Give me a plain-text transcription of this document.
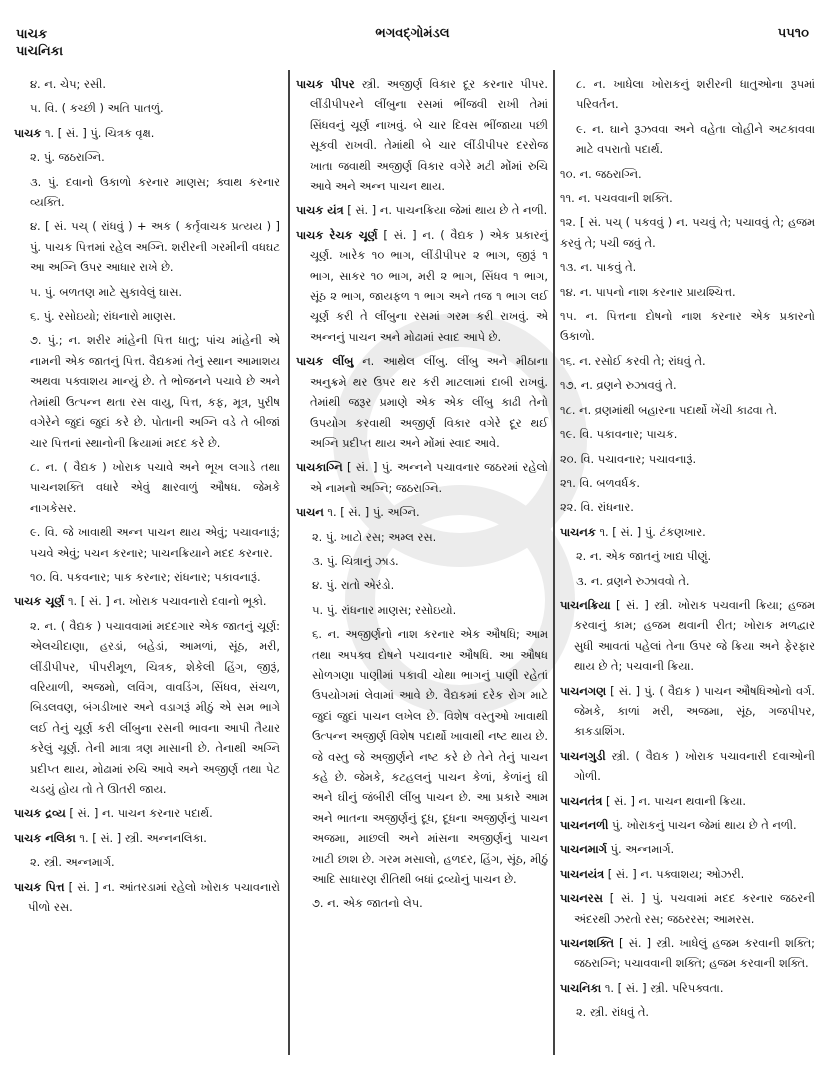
પાચક
પાચનિકા
ભગવદ્ગોમંડલ	૫૫૧૦

૪. ન. ચેપ; રસી.

૫. વિ. ( કચ્છી ) અતિ પાતળું.

પાચક ૧. [ સં. ] પું. ચિત્રક વૃક્ષ.

૨. પું. જઠરાગ્નિ.

૩. પું. દવાનો ઉકાળો કરનાર માણસ; ક્વાથ કરનાર વ્યક્તિ.

૪. [ સં. પચ્ ( રાંધવું ) + અક ( કર્તૃવાચક પ્રત્યય ) ] પું. પાચક પિત્તમાં રહેલ અગ્નિ. શરીરની ગરમીની વધઘટ આ અગ્નિ ઉપર આધાર રાખે છે.

૫. પું. બળતણ માટે સુકાવેલું ઘાસ.

૬. પું. રસોઇયો; રાંધનારો માણસ.

૭. પું.; ન. શરીર માંહેની પિત્ત ધાતુ; પાંચ માંહેની એ નામની એક જાતનું પિત્ત. વૈદ્યકમાં તેનું સ્થાન આમાશય અથવા પક્વાશય માન્યું છે. તે ભોજનને પચાવે છે અને તેમાંથી ઉત્પન્ન થતા રસ વાયુ, પિત્ત, કફ, મૂત્ર, પુરીષ વગેરેને જુદાં જુદાં કરે છે. પોતાની અગ્નિ વડે તે બીજાં ચાર પિત્તનાં સ્થાનોની ક્રિયામાં મદદ કરે છે.

૮. ન. ( વૈદ્યક ) ખોરાક પચાવે અને ભૂખ લગાડે તથા પાચનશક્તિ વધારે એવું ક્ષારવાળું ઔષધ. જેમકે નાગકેસર.

૯. વિ. જે ખાવાથી અન્ન પાચન થાય એવું; પચાવનારૂં; પચવે એવું; પચન કરનાર; પાચનક્રિયાને મદદ કરનાર.

૧૦. વિ. પકવનાર; પાક કરનાર; રાંધનાર; પકાવનારૂં.

પાચક ચૂર્ણ ૧. [ સં. ] ન. ખોરાક પચાવનારો દવાનો ભૂકો.

૨. ન. ( વૈદ્યક ) પચાવવામાં મદદગાર એક જાતનું ચૂર્ણ: એલચીદાણા, હરડાં, બહેડાં, આમળાં, સૂંઠ, મરી, લીંડીપીપર, પીપરીમૂળ, ચિત્રક, શેકેલી હિંગ, જીરૂં, વરિયાળી, અજમો, લવિંગ, વાવડિંગ, સિંધવ, સંચળ, બિડલવણ, બંગડીખાર અને વડાગરૂં મીઠું એ સમ ભાગે લઈ તેનું ચૂર્ણ કરી લીંબુના રસની ભાવના આપી તૈયાર કરેલું ચૂર્ણ. તેની માત્રા ત્રણ માસાની છે. તેનાથી અગ્નિ પ્રદીપ્ત થાય, મોઢામાં રુચિ આવે અને અજીર્ણ તથા પેટ ચડયું હોય તો તે ઊતરી જાય.

પાચક દ્રવ્ય [ સં. ] ન. પાચન કરનાર પદાર્થ.

પાચક નલિકા ૧. [ સં. ] સ્ત્રી. અન્નનલિકા.

૨. સ્ત્રી. અન્નમાર્ગ.

પાચક પિત્ત [ સં. ] ન. આંતરડામાં રહેલો ખોરાક પચાવનારો પીળો રસ.

પાચક પીપર સ્ત્રી. અજીર્ણ વિકાર દૂર કરનાર પીપર. લીંડીપીપરને લીંબુના રસમાં ભીંજવી રાખી તેમાં સિંધવનું ચૂર્ણ નાખવું. બે ચાર દિવસ ભીંજાયા પછી સૂકવી રાખવી. તેમાંથી બે ચાર લીંડીપીપર દરરોજ ખાતા જવાથી અજીર્ણ વિકાર વગેરે મટી મોંમાં રુચિ આવે અને અન્ન પાચન થાય.

પાચક યંત્ર [ સં. ] ન. પાચનક્રિયા જેમાં થાય છે તે નળી.

પાચક રેચક ચૂર્ણ [ સં. ] ન. ( વૈદ્યક ) એક પ્રકારનું ચૂર્ણ. ખારેક ૧૦ ભાગ, લીંડીપીપર ૨ ભાગ, જીરૂં ૧ ભાગ, સાકર ૧૦ ભાગ, મરી ૨ ભાગ, સિંધવ ૧ ભાગ, સૂંઠ ૨ ભાગ, જાયફળ ૧ ભાગ અને તજ ૧ ભાગ લઈ ચૂર્ણ કરી તે લીંબુના રસમાં ગરમ કરી રાખવું. એ અન્નનું પાચન અને મોઢામાં સ્વાદ આપે છે.

પાચક લીંબુ ન. આથેલ લીંબુ. લીંબુ અને મીઠાના અનુક્રમે થર ઉપર થર કરી માટલામાં દાબી રાખવું. તેમાંથી જરૂર પ્રમાણે એક એક લીંબુ કાઢી તેનો ઉપયોગ કરવાથી અજીર્ણ વિકાર વગેરે દૂર થઈ અગ્નિ પ્રદીપ્ત થાય અને મોંમાં સ્વાદ આવે.

પાચકાગ્નિ [ સં. ] પું. અન્નને પચાવનાર જઠરમાં રહેલો એ નામનો અગ્નિ; જઠરાગ્નિ.

પાચન ૧. [ સં. ] પું. અગ્નિ.

૨. પું. ખાટો રસ; અમ્લ રસ.

૩. પું. ચિત્રાનું ઝાડ.

૪. પું. રાતો એરંડો.

૫. પું. રાંધનાર માણસ; રસોઇયો.

૬. ન. અજીર્ણનો નાશ કરનાર એક ઔષધિ; આમ તથા અપક્વ દોષને પચાવનાર ઔષધિ. આ ઔષધ સોળગણા પાણીમાં પકાવી ચોથા ભાગનું પાણી રહેતાં ઉપયોગમાં લેવામાં આવે છે. વૈદ્યકમાં દરેક રોગ માટે જુદાં જુદાં પાચન લખેલ છે. વિશેષ વસ્તુઓ ખાવાથી ઉત્પન્ન અજીર્ણ વિશેષ પદાર્થો ખાવાથી નષ્ટ થાય છે. જે વસ્તુ જે અજીર્ણને નષ્ટ કરે છે તેને તેનું પાચન કહે છે. જેમકે, કટહલનું પાચન કેળાં, કેળાંનું ઘી અને ઘીનું જંબીરી લીંબુ પાચન છે. આ પ્રકારે આમ અને ભાતના અજીર્ણનું દૂધ, દૂધના અજીર્ણનું પાચન અજમા, માછલી અને માંસના અજીર્ણનું પાચન ખાટી છાશ છે. ગરમ મસાલો, હળદર, હિંગ, સૂંઠ, મીઠું આદિ સાધારણ રીતિથી બધાં દ્રવ્યોનું પાચન છે.

૭. ન. એક જાતનો લેપ.

૮. ન. ખાધેલા ખોરાકનું શરીરની ધાતુઓના રૂપમાં પરિવર્તન.

૯. ન. ઘાને રૂઝવવા અને વહેતા લોહીને અટકાવવા માટે વપરાતો પદાર્થ.

૧૦. ન. જઠરાગ્નિ.

૧૧. ન. પચવવાની શક્તિ.

૧૨. [ સં. પચ્ ( પકવવું ) ન. પચવું તે; પચાવવું તે; હજમ કરવું તે; પચી જવું તે.

૧૩. ન. પાકવું તે.

૧૪. ન. પાપનો નાશ કરનાર પ્રાયશ્ચિત્ત.

૧૫. ન. પિત્તના દોષનો નાશ કરનાર એક પ્રકારનો ઉકાળો.

૧૬. ન. રસોઈ કરવી તે; રાંધવું તે.

૧૭. ન. વ્રણને રુઝાવવું તે.

૧૮. ન. વ્રણમાંથી બહારના પદાર્થો ખેંચી કાઢવા તે.

૧૯. વિ. પકાવનાર; પાચક.

૨૦. વિ. પચાવનાર; પચાવનારૂં.

૨૧. વિ. બળવર્ધક.

૨૨. વિ. રાંધનાર.

પાચનક ૧. [ સં. ] પું. ટંકણખાર.

૨. ન. એક જાતનું ખાદ્ય પીણું.

૩. ન. વ્રણને રુઝાવવો તે.

પાચનક્રિયા [ સં. ] સ્ત્રી. ખોરાક પચવાની ક્રિયા; હજમ કરવાનું કામ; હજમ થવાની રીત; ખોરાક મળદ્વાર સુધી આવતાં પહેલાં તેના ઉપર જે ક્રિયા અને ફેરફાર થાય છે તે; પચવાની ક્રિયા.

પાચનગણ [ સં. ] પું. ( વૈદ્યક ) પાચન ઔષધિઓનો વર્ગ. જેમકે, કાળાં મરી, અજમા, સૂંઠ, ગજપીપર, કાકડાશિંગ.

પાચનગુડી સ્ત્રી. ( વૈદ્યક ) ખોરાક પચાવનારી દવાઓની ગોળી.

પાચનતંત્ર [ સં. ] ન. પાચન થવાની ક્રિયા.

પાચનનળી પું. ખોરાકનું પાચન જેમાં થાય છે તે નળી.

પાચનમાર્ગ પું. અન્નમાર્ગ.

પાચનયંત્ર [ સં. ] ન. પક્વાશય; ઓઝરી.

પાચનરસ [ સં. ] પું. પચવામાં મદદ કરનાર જઠરની અંદરથી ઝરતો રસ; જઠરરસ; આમરસ.

પાચનશક્તિ [ સં. ] સ્ત્રી. ખાધેલું હજમ કરવાની શક્તિ; જઠરાગ્નિ; પચાવવાની શક્તિ; હજમ કરવાની શક્તિ.

પાચનિકા ૧. [ સં. ] સ્ત્રી. પરિપક્વતા.

૨. સ્ત્રી. રાંધવું તે.
